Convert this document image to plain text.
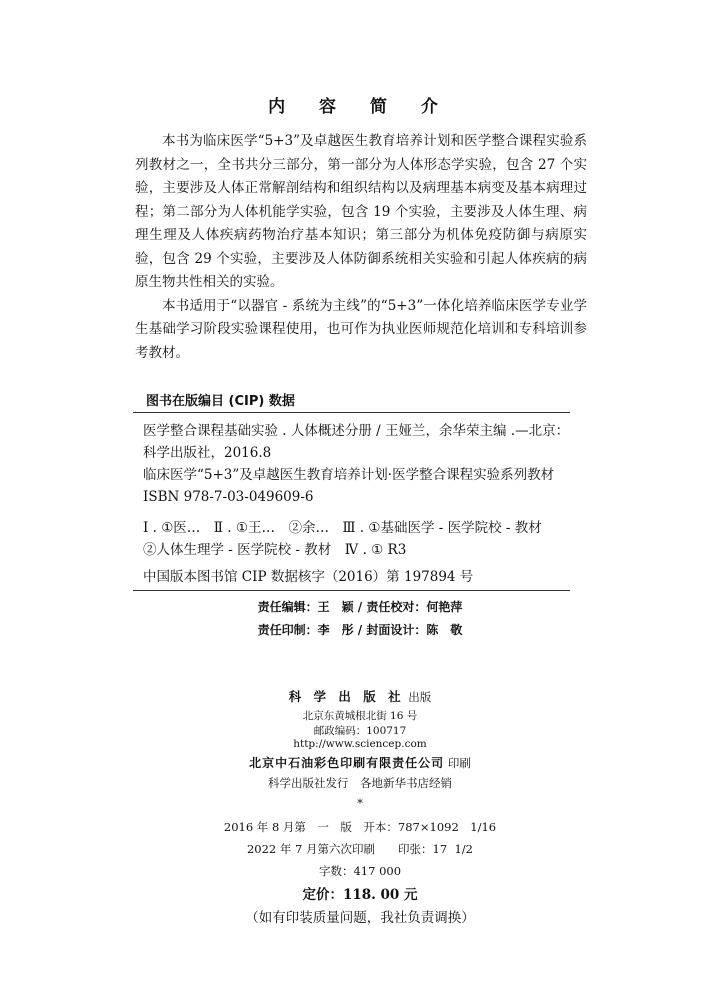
内 容 简 介

本书为临床医学“5+3”及卓越医生教育培养计划和医学整合课程实验系列教材之一，全书共分三部分，第一部分为人体形态学实验，包含 27 个实验，主要涉及人体正常解剖结构和组织结构以及病理基本病变及基本病理过程；第二部分为人体机能学实验，包含 19 个实验，主要涉及人体生理、病理生理及人体疾病药物治疗基本知识；第三部分为机体免疫防御与病原实验，包含 29 个实验，主要涉及人体防御系统相关实验和引起人体疾病的病原生物共性相关的实验。

本书适用于“以器官 - 系统为主线”的“5+3”一体化培养临床医学专业学生基础学习阶段实验课程使用，也可作为执业医师规范化培训和专科培训参考教材。

图书在版编目 (CIP) 数据
医学整合课程基础实验 . 人体概述分册 / 王娅兰，余华荣主编 .—北京：
科学出版社，2016.8
临床医学“5+3”及卓越医生教育培养计划·医学整合课程实验系列教材
ISBN 978-7-03-049609-6
Ⅰ . ①医…　Ⅱ . ①王…　②余…　Ⅲ . ①基础医学 - 医学院校 - 教材
②人体生理学 - 医学院校 - 教材　Ⅳ . ① R3
中国版本图书馆 CIP 数据核字（2016）第 197894 号
责任编辑：王　颖 / 责任校对：何艳萍
责任印制：李　彤 / 封面设计：陈　敬
科 学 出 版 社 出版
北京东黄城根北街 16 号
邮政编码：100717
http://www.sciencep.com
北京中石油彩色印刷有限责任公司 印刷
科学出版社发行　各地新华书店经销
*
2016 年 8 月第　一　版　开本：787×1092　1/16
2022 年 7 月第六次印刷　　印张：17  1/2
字数：417 000
定价：118. 00 元
（如有印装质量问题，我社负责调换）
